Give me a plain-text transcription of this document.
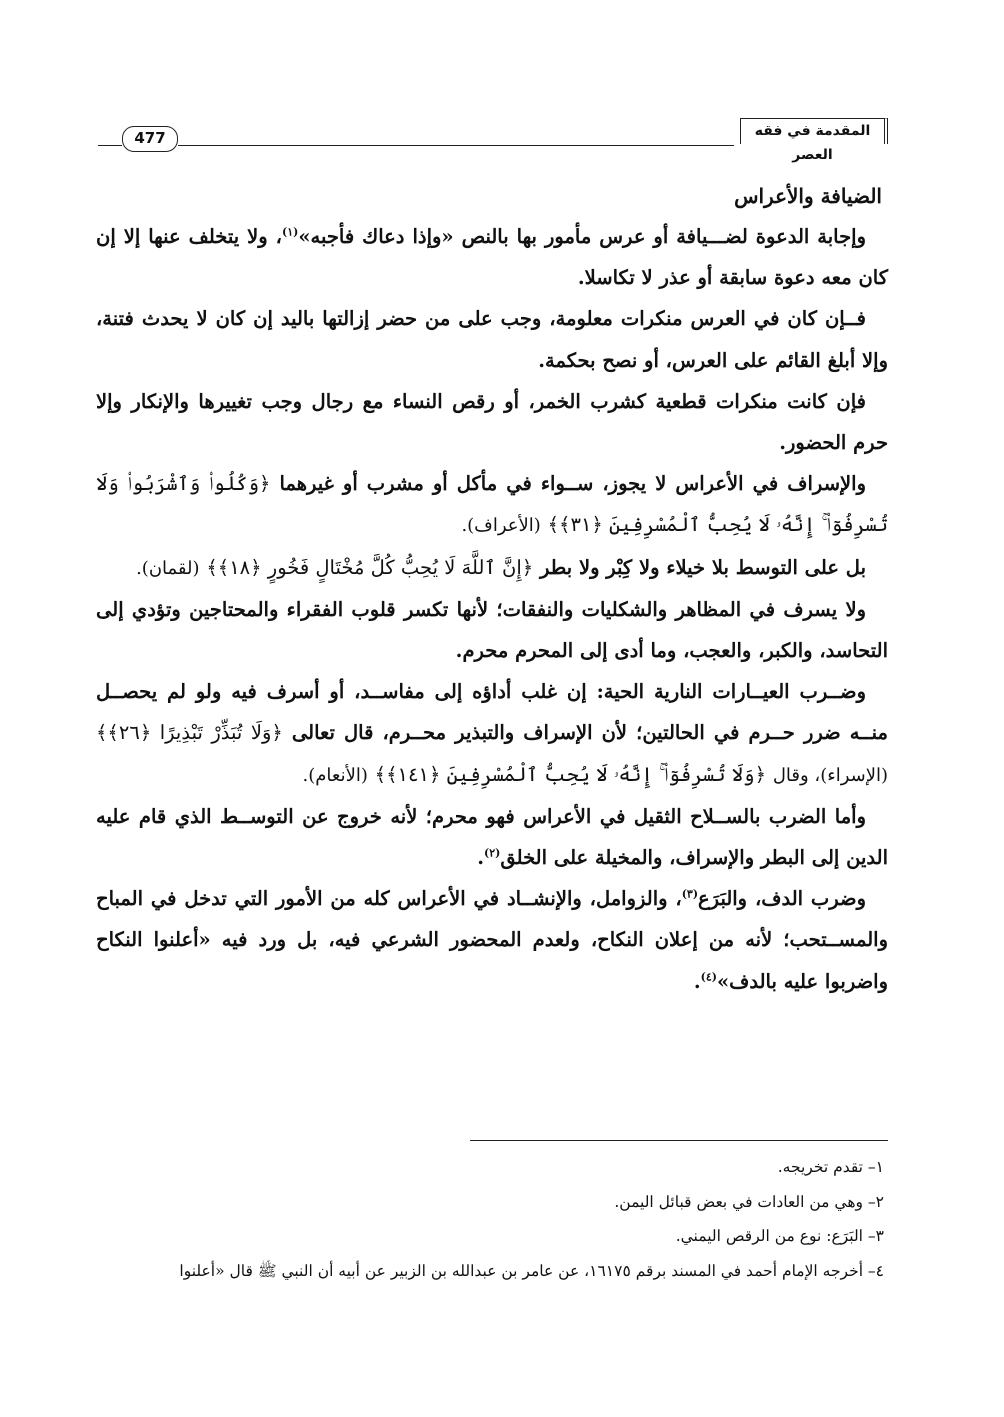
477	المقدمة في فقه العصر
الضيافة والأعراس

وإجابة الدعوة لضـــيافة أو عرس مأمور بها بالنص «وإذا دعاك فأجبه»$^{(١)}$، ولا يتخلف عنها إلا إن كان معه دعوة سابقة أو عذر لا تكاسلا.

فــإن كان في العرس منكرات معلومة، وجب على من حضر إزالتها باليد إن كان لا يحدث فتنة، وإلا أبلغ القائم على العرس، أو نصح بحكمة.

فإن كانت منكرات قطعية كشرب الخمر، أو رقص النساء مع رجال وجب تغييرها والإنكار وإلا حرم الحضور.

والإسراف في الأعراس لا يجوز، ســواء في مأكل أو مشرب أو غيرهما ﴿وَكُلُوا۟ وَٱشْرَبُوا۟ وَلَا تُسْرِفُوٓا۟ ۚ إِنَّهُۥ لَا يُحِبُّ ٱلْمُسْرِفِينَ ﴿٣١﴾﴾ (الأعراف).

بل على التوسط بلا خيلاء ولا كِبْر ولا بطر ﴿إِنَّ ٱللَّهَ لَا يُحِبُّ كُلَّ مُخْتَالٍ فَخُورٍ ﴿١٨﴾﴾ (لقمان).

ولا يسرف في المظاهر والشكليات والنفقات؛ لأنها تكسر قلوب الفقراء والمحتاجين وتؤدي إلى التحاسد، والكبر، والعجب، وما أدى إلى المحرم محرم.

وضــرب العيــارات النارية الحية: إن غلب أداؤه إلى مفاســد، أو أسرف فيه ولو لم يحصــل منــه ضرر حــرم في الحالتين؛ لأن الإسراف والتبذير محــرم، قال تعالى ﴿وَلَا تُبَذِّرْ تَبْذِيرًا ﴿٢٦﴾﴾ (الإسراء)، وقال ﴿وَلَا تُسْرِفُوٓا۟ ۚ إِنَّهُۥ لَا يُحِبُّ ٱلْمُسْرِفِينَ ﴿١٤١﴾﴾ (الأنعام).

وأما الضرب بالســلاح الثقيل في الأعراس فهو محرم؛ لأنه خروج عن التوســط الذي قام عليه الدين إلى البطر والإسراف، والمخيلة على الخلق$^{(٢)}$.

وضرب الدف، والبَرَع$^{(٣)}$، والزوامل، والإنشــاد في الأعراس كله من الأمور التي تدخل في المباح والمســتحب؛ لأنه من إعلان النكاح، ولعدم المحضور الشرعي فيه، بل ورد فيه «أعلنوا النكاح واضربوا عليه بالدف»$^{(٤)}$.

١– تقدم تخريجه.
٢– وهي من العادات في بعض قبائل اليمن.
٣– البَرَع: نوع من الرقص اليمني.
٤– أخرجه الإمام أحمد في المسند برقم ١٦١٧٥، عن عامر بن عبدالله بن الزبير عن أبيه أن النبي ﷺ قال «أعلنوا
